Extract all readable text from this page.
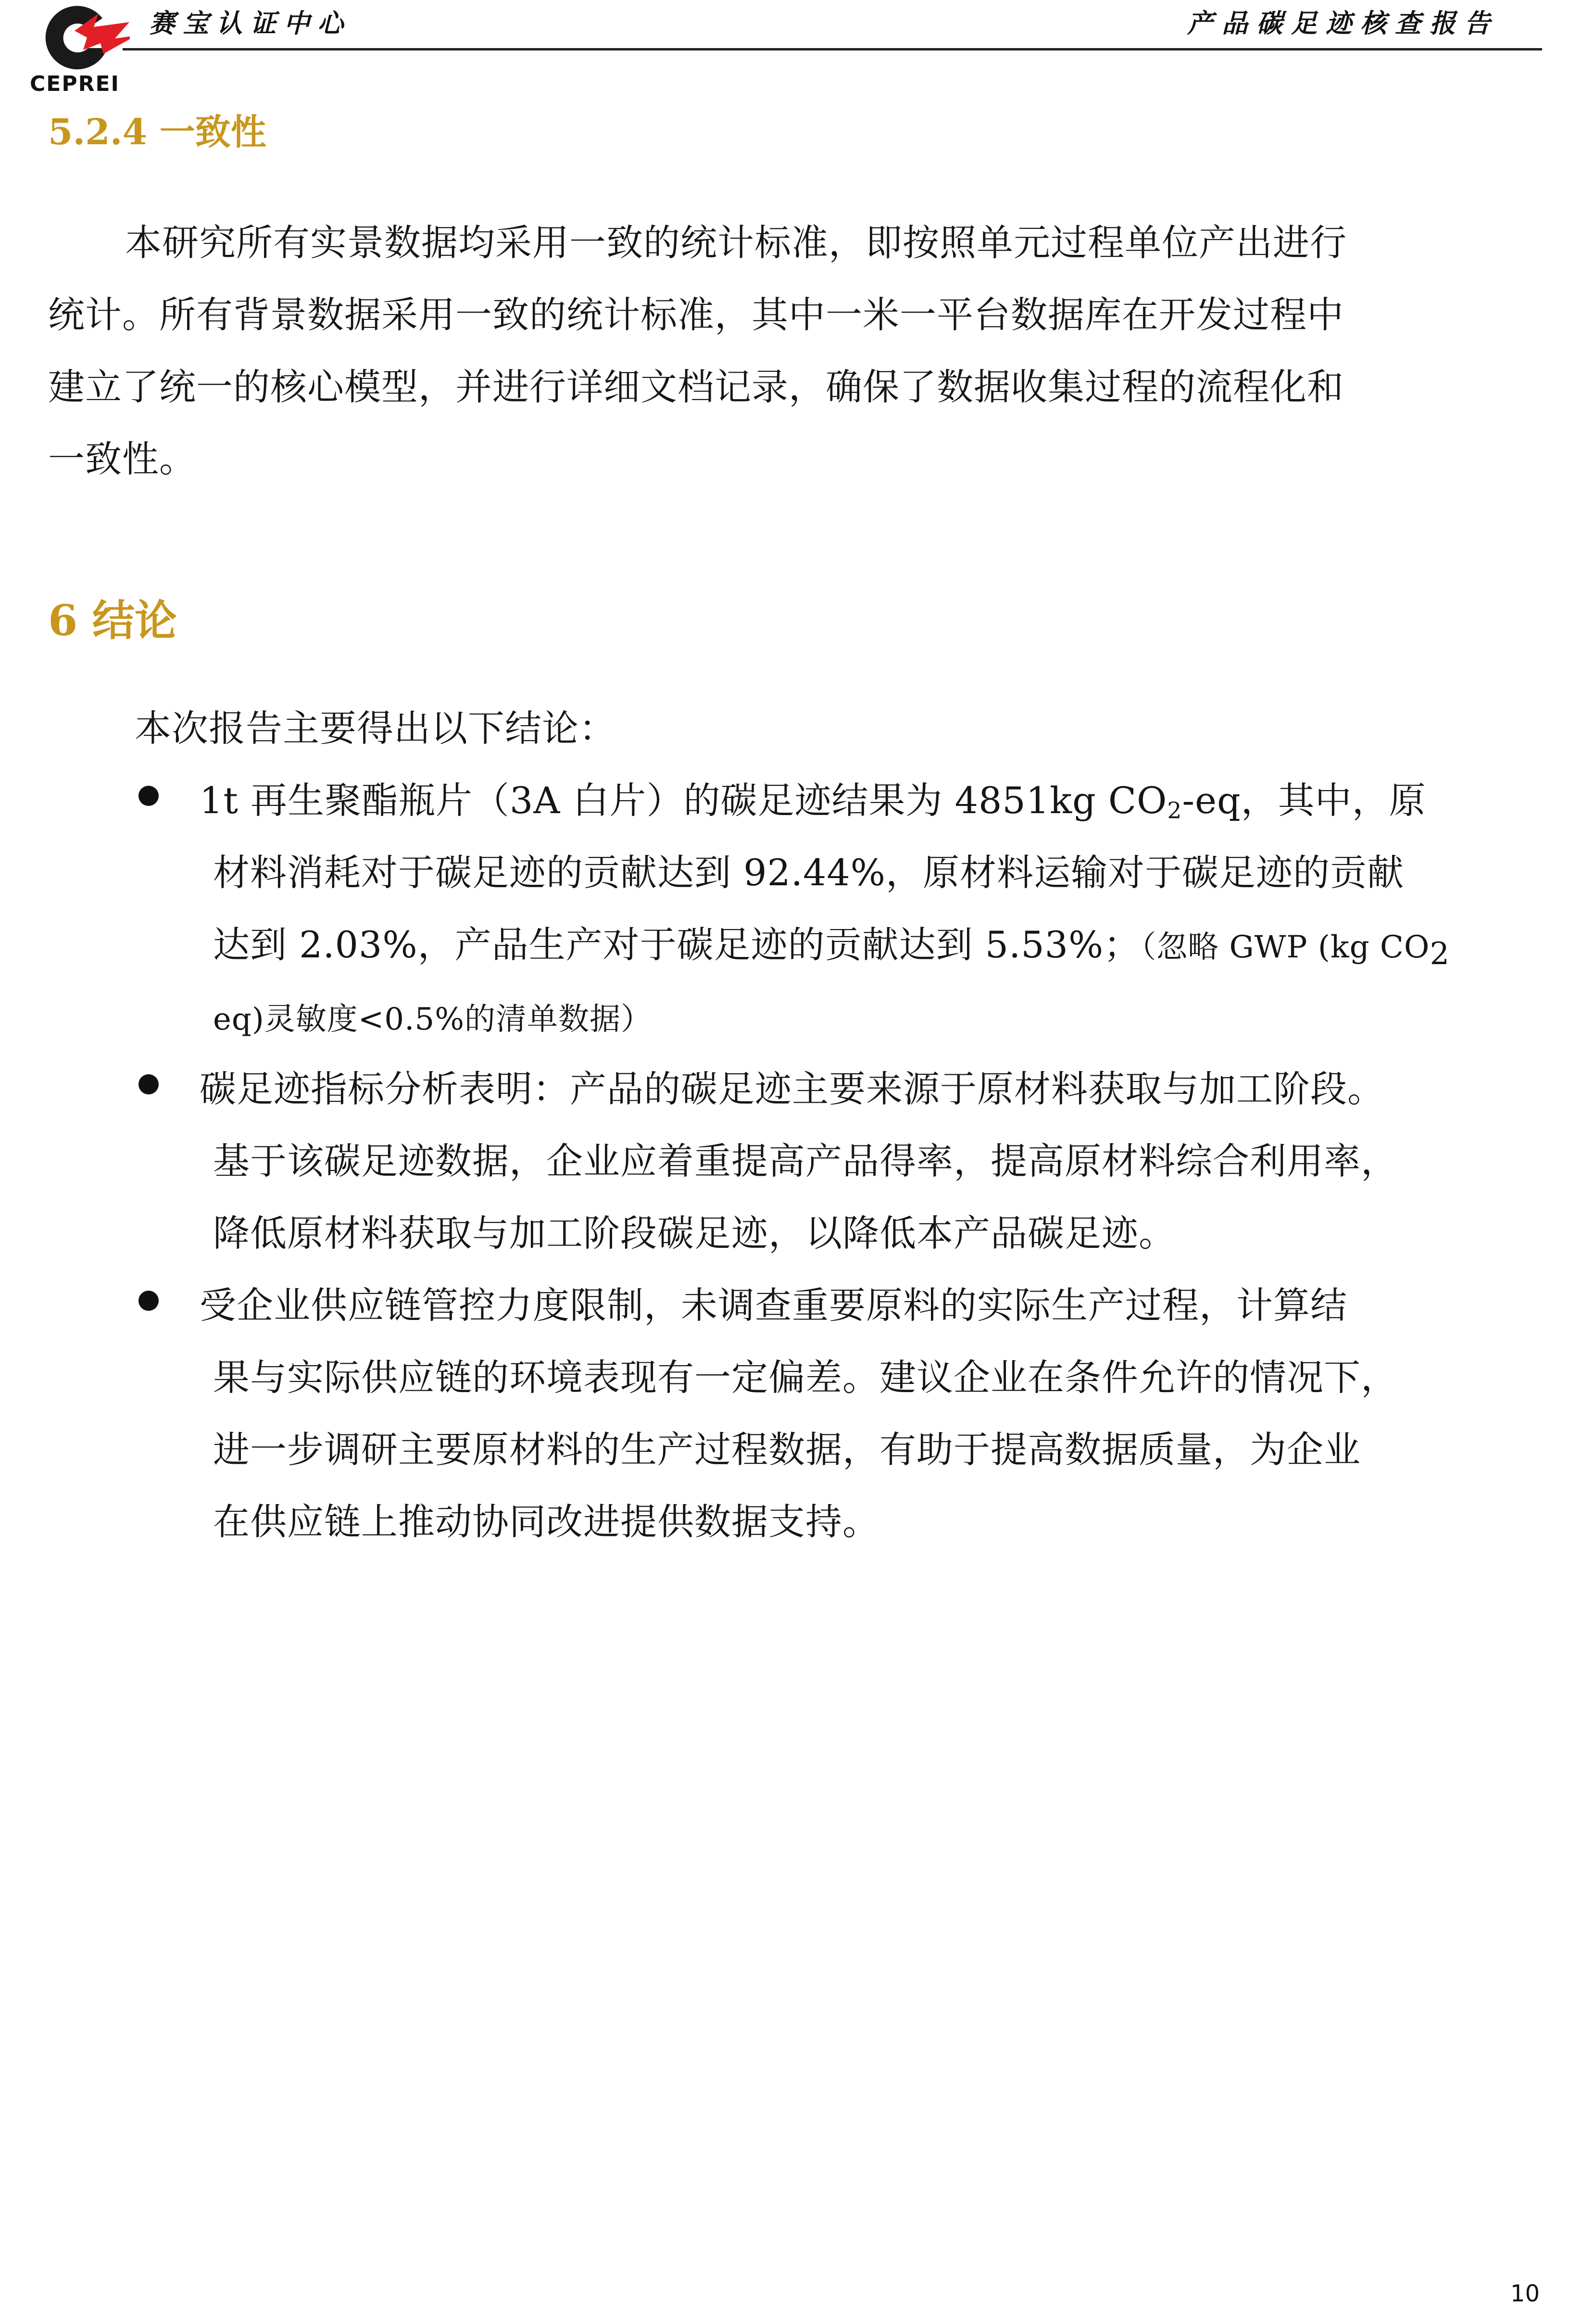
CEPREI
赛宝认证中心	产品碳足迹核查报告
5.2.4 一致性
本研究所有实景数据均采用一致的统计标准，即按照单元过程单位产出进行
统计。所有背景数据采用一致的统计标准，其中一米一平台数据库在开发过程中
建立了统一的核心模型，并进行详细文档记录，确保了数据收集过程的流程化和
一致性。
6 结论
本次报告主要得出以下结论：
1t 再生聚酯瓶片（3A 白片）的碳足迹结果为 4851kg $CO_2-eq$，其中，原
材料消耗对于碳足迹的贡献达到 92.44%，原材料运输对于碳足迹的贡献
达到 2.03%，产品生产对于碳足迹的贡献达到 5.53%；（忽略 GWP (kg $CO_2$
eq)灵敏度<0.5%的清单数据）
碳足迹指标分析表明：产品的碳足迹主要来源于原材料获取与加工阶段。
基于该碳足迹数据，企业应着重提高产品得率，提高原材料综合利用率，
降低原材料获取与加工阶段碳足迹，以降低本产品碳足迹。
受企业供应链管控力度限制，未调查重要原料的实际生产过程，计算结
果与实际供应链的环境表现有一定偏差。建议企业在条件允许的情况下，
进一步调研主要原材料的生产过程数据，有助于提高数据质量，为企业
在供应链上推动协同改进提供数据支持。
10
